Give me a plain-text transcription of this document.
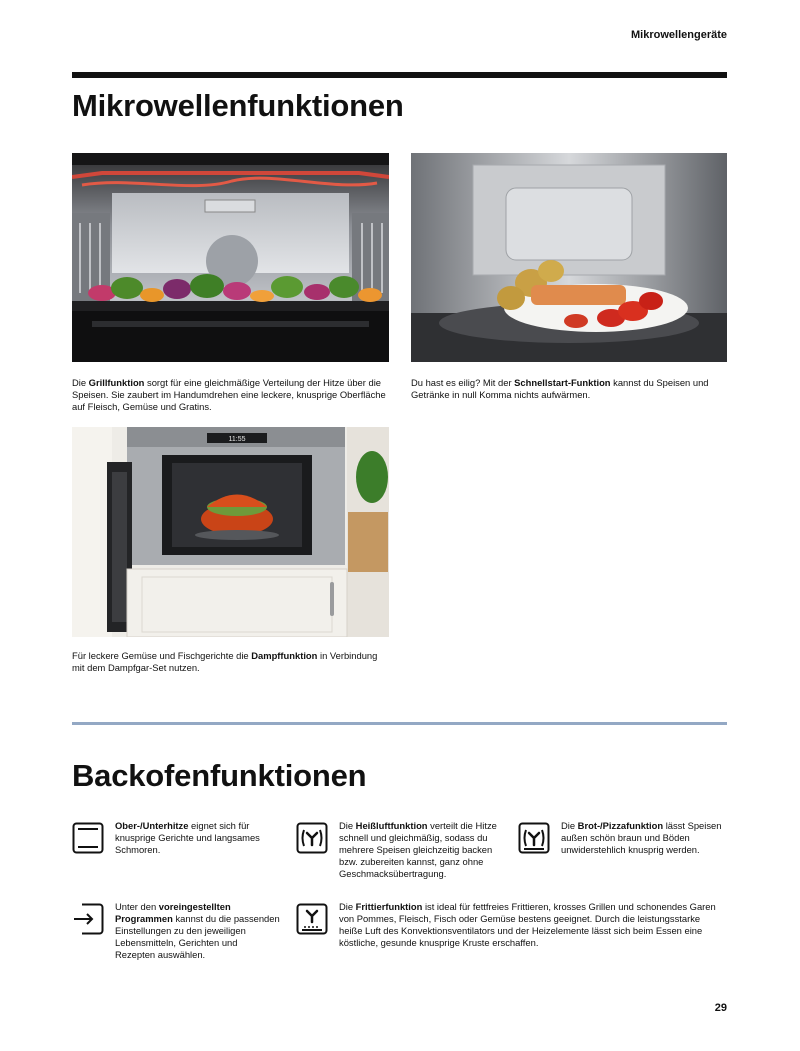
Mikrowellengeräte
Mikrowellenfunktionen
Die Grillfunktion sorgt für eine gleichmäßige Verteilung der Hitze über die Speisen. Sie zaubert im Handumdrehen eine leckere, knusprige Oberfläche auf Fleisch, Gemüse und Gratins.
Du hast es eilig? Mit der Schnellstart-Funktion kannst du Speisen und Getränke in null Komma nichts aufwärmen.
11:55
Für leckere Gemüse und Fischgerichte die Dampffunktion in Verbindung mit dem Dampfgar-Set nutzen.
Backofenfunktionen
Ober-/Unterhitze eignet sich für knusprige Gerichte und langsames Schmoren.
Die Heißluftfunktion verteilt die Hitze schnell und gleichmäßig, sodass du mehrere Speisen gleichzeitig backen bzw. zubereiten kannst, ganz ohne Geschmacksübertragung.
Die Brot-/Pizzafunktion lässt Speisen außen schön braun und Böden unwiderstehlich knusprig werden.
Unter den voreingestellten Programmen kannst du die passenden Einstellungen zu den jeweiligen Lebensmitteln, Gerichten und Rezepten auswählen.
Die Frittierfunktion ist ideal für fettfreies Frittieren, krosses Grillen und schonendes Garen von Pommes, Fleisch, Fisch oder Gemüse bestens geeignet. Durch die leistungsstarke heiße Luft des Konvektionsventilators und der Heizelemente lässt sich beim Essen eine köstliche, gesunde knusprige Kruste erschaffen.
29
